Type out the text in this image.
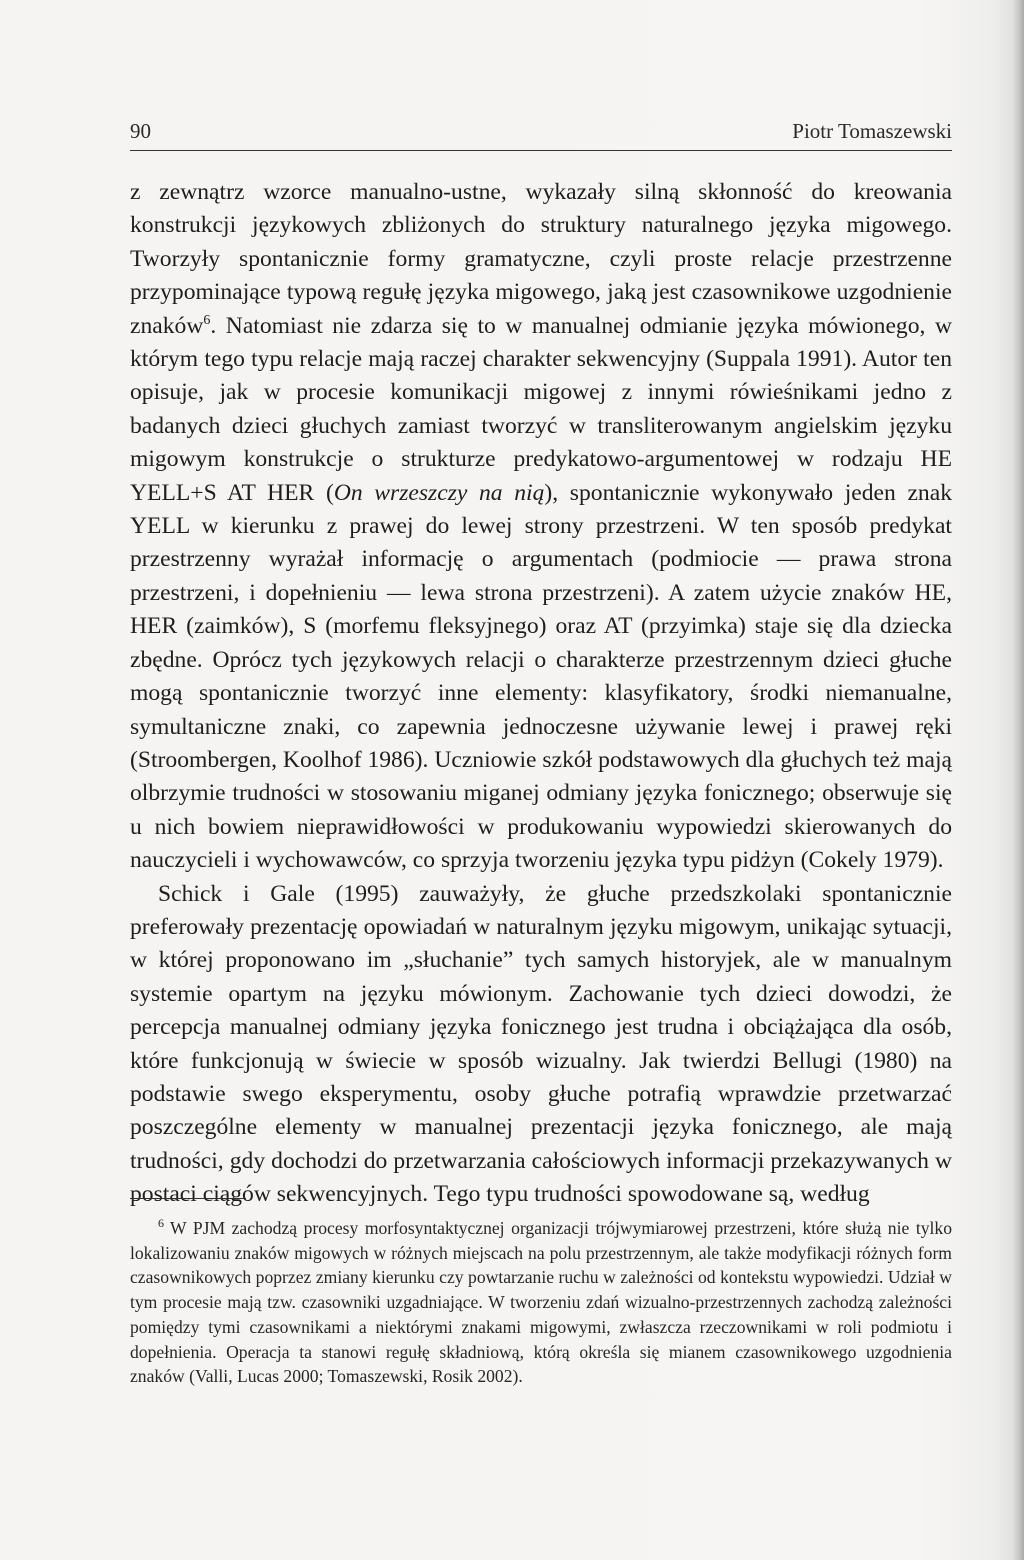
90	Piotr Tomaszewski

z zewnątrz wzorce manualno-ustne, wykazały silną skłonność do kreowania konstrukcji językowych zbliżonych do struktury naturalnego języka migowego. Tworzyły spontanicznie formy gramatyczne, czyli proste relacje przestrzenne przypominające typową regułę języka migowego, jaką jest czasownikowe uzgodnienie znaków$^6$. Natomiast nie zdarza się to w manualnej odmianie języka mówionego, w którym tego typu relacje mają raczej charakter sekwencyjny (Suppala 1991). Autor ten opisuje, jak w procesie komunikacji migowej z innymi rówieśnikami jedno z badanych dzieci głuchych zamiast tworzyć w transliterowanym angielskim języku migowym konstrukcje o strukturze predykatowo-argumentowej w rodzaju HE YELL+S AT HER (On wrzeszczy na nią), spontanicznie wykonywało jeden znak YELL w kierunku z prawej do lewej strony przestrzeni. W ten sposób predykat przestrzenny wyrażał informację o argumentach (podmiocie — prawa strona przestrzeni, i dopełnieniu — lewa strona przestrzeni). A zatem użycie znaków HE, HER (zaimków), S (morfemu fleksyjnego) oraz AT (przyimka) staje się dla dziecka zbędne. Oprócz tych językowych relacji o charakterze przestrzennym dzieci głuche mogą spontanicznie tworzyć inne elementy: klasyfikatory, środki niemanualne, symultaniczne znaki, co zapewnia jednoczesne używanie lewej i prawej ręki (Stroombergen, Koolhof 1986). Uczniowie szkół podstawowych dla głuchych też mają olbrzymie trudności w stosowaniu miganej odmiany języka fonicznego; obserwuje się u nich bowiem nieprawidłowości w produkowaniu wypowiedzi skierowanych do nauczycieli i wychowawców, co sprzyja tworzeniu języka typu pidżyn (Cokely 1979).

Schick i Gale (1995) zauważyły, że głuche przedszkolaki spontanicznie preferowały prezentację opowiadań w naturalnym języku migowym, unikając sytuacji, w której proponowano im „słuchanie” tych samych historyjek, ale w manualnym systemie opartym na języku mówionym. Zachowanie tych dzieci dowodzi, że percepcja manualnej odmiany języka fonicznego jest trudna i obciążająca dla osób, które funkcjonują w świecie w sposób wizualny. Jak twierdzi Bellugi (1980) na podstawie swego eksperymentu, osoby głuche potrafią wprawdzie przetwarzać poszczególne elementy w manualnej prezentacji języka fonicznego, ale mają trudności, gdy dochodzi do przetwarzania całościowych informacji przekazywanych w postaci ciągów sekwencyjnych. Tego typu trudności spowodowane są, według

$^6$ W PJM zachodzą procesy morfosyntaktycznej organizacji trójwymiarowej przestrzeni, które służą nie tylko lokalizowaniu znaków migowych w różnych miejscach na polu przestrzennym, ale także modyfikacji różnych form czasownikowych poprzez zmiany kierunku czy powtarzanie ruchu w zależności od kontekstu wypowiedzi. Udział w tym procesie mają tzw. czasowniki uzgadniające. W tworzeniu zdań wizualno-przestrzennych zachodzą zależności pomiędzy tymi czasownikami a niektórymi znakami migowymi, zwłaszcza rzeczownikami w roli podmiotu i dopełnienia. Operacja ta stanowi regułę składniową, którą określa się mianem czasownikowego uzgodnienia znaków (Valli, Lucas 2000; Tomaszewski, Rosik 2002).
